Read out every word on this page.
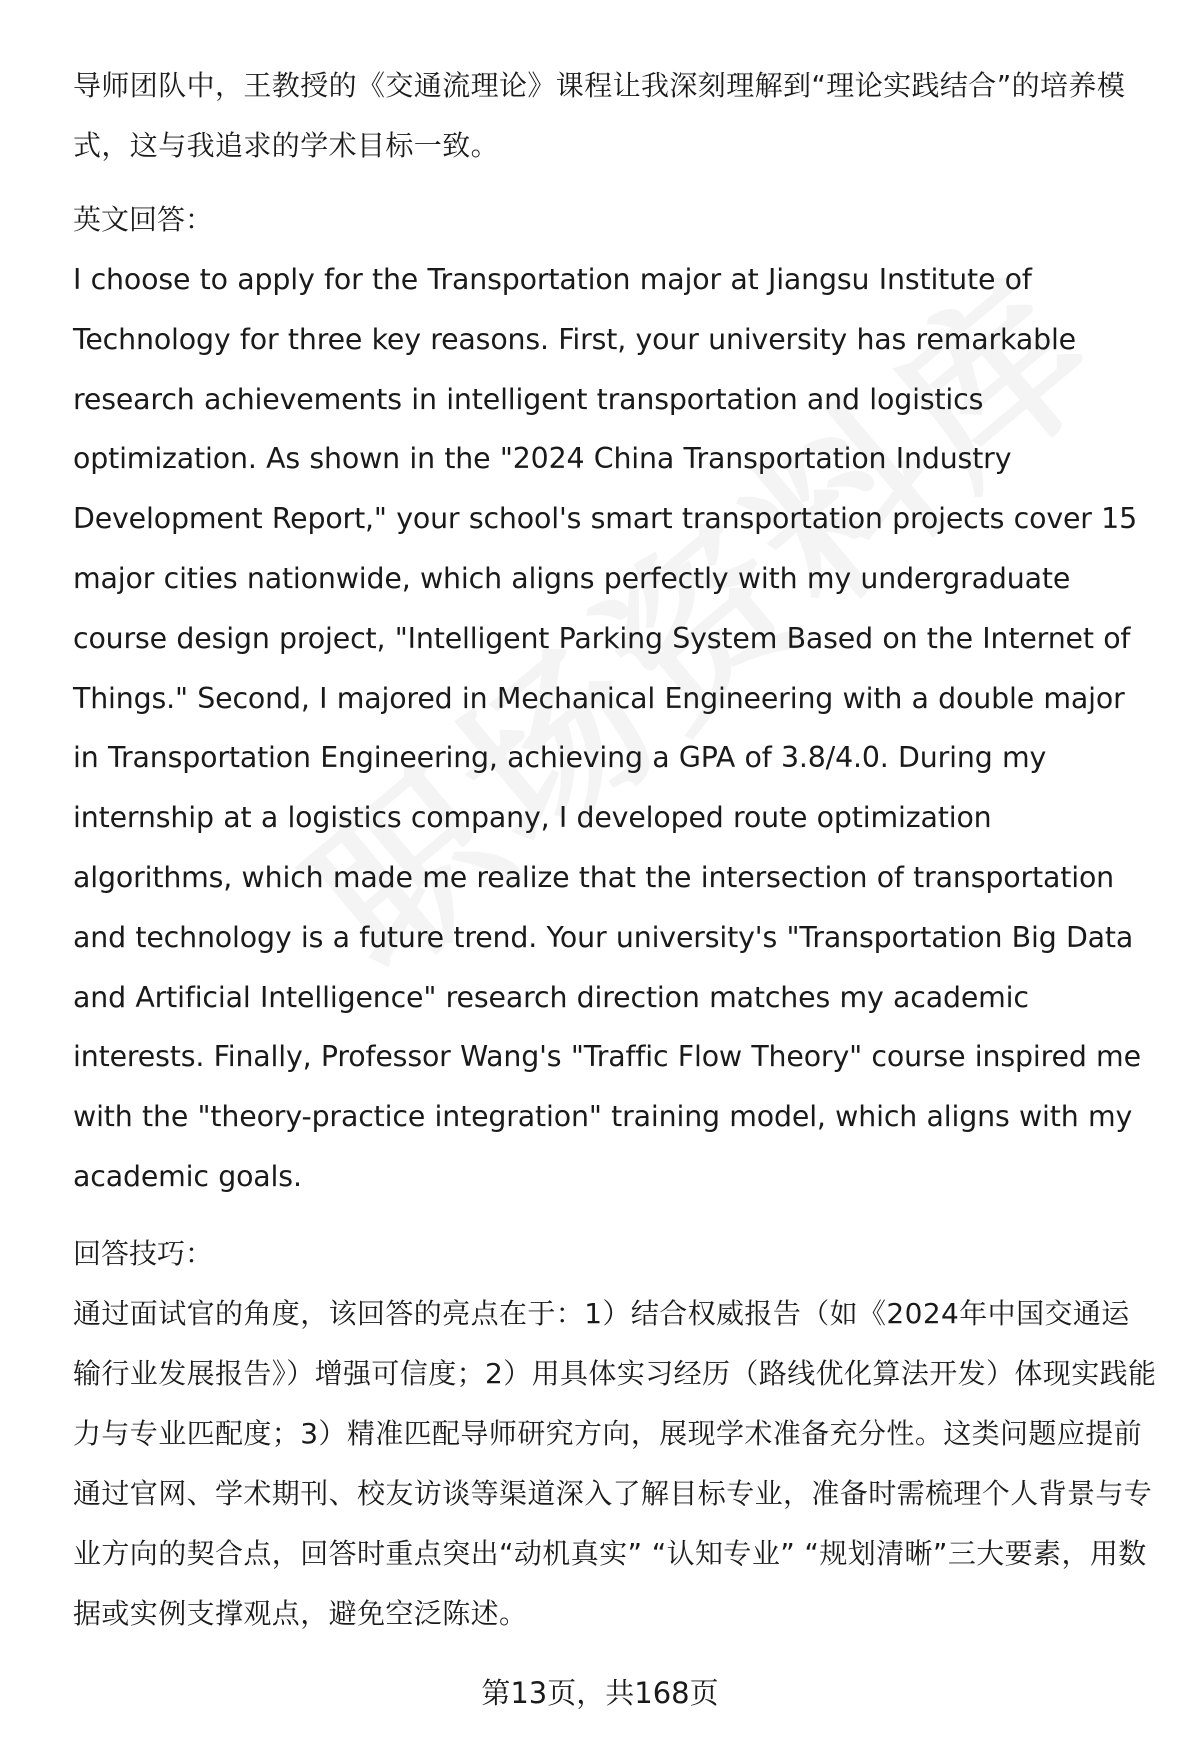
导师团队中，王教授的《交通流理论》课程让我深刻理解到“理论实践结合”的培养模式，这与我追求的学术目标一致。

英文回答：

I choose to apply for the Transportation major at Jiangsu Institute of Technology for three key reasons. First, your university has remarkable research achievements in intelligent transportation and logistics optimization. As shown in the "2024 China Transportation Industry Development Report," your school's smart transportation projects cover 15 major cities nationwide, which aligns perfectly with my undergraduate course design project, "Intelligent Parking System Based on the Internet of Things." Second, I majored in Mechanical Engineering with a double major in Transportation Engineering, achieving a GPA of 3.8/4.0. During my internship at a logistics company, I developed route optimization algorithms, which made me realize that the intersection of transportation and technology is a future trend. Your university's "Transportation Big Data and Artificial Intelligence" research direction matches my academic interests. Finally, Professor Wang's "Traffic Flow Theory" course inspired me with the "theory-practice integration" training model, which aligns with my academic goals.

回答技巧：

通过面试官的角度，该回答的亮点在于：1）结合权威报告（如《2024年中国交通运输行业发展报告》）增强可信度；2）用具体实习经历（路线优化算法开发）体现实践能力与专业匹配度；3）精准匹配导师研究方向，展现学术准备充分性。这类问题应提前通过官网、学术期刊、校友访谈等渠道深入了解目标专业，准备时需梳理个人背景与专业方向的契合点，回答时重点突出“动机真实” “认知专业” “规划清晰”三大要素，用数据或实例支撑观点，避免空泛陈述。

第13页，共168页
